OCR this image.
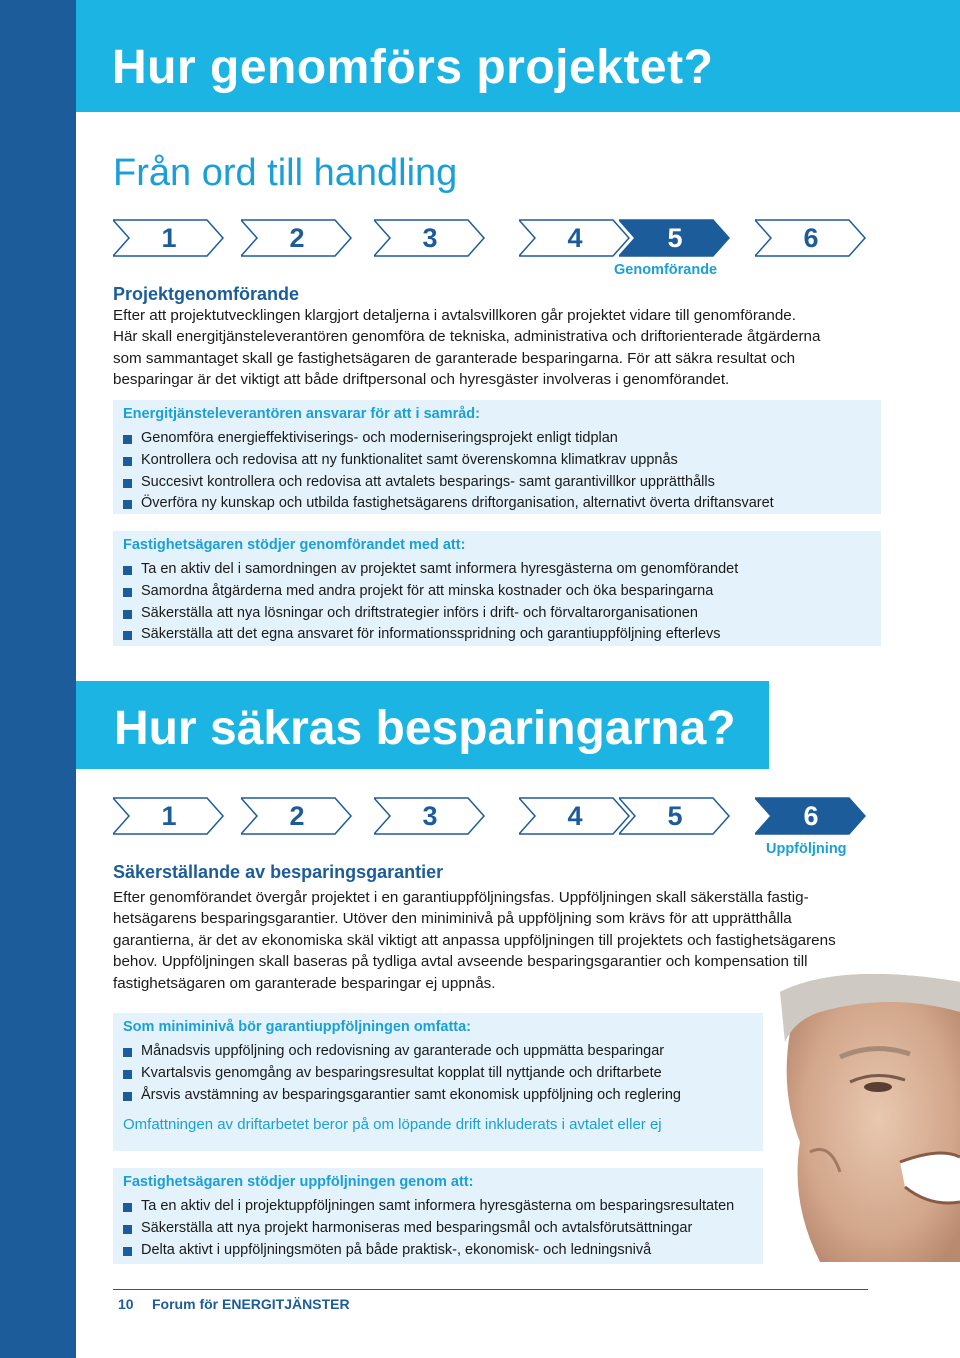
Hur genomförs projektet?
Från ord till handling
1	2	3	4	5	6
Genomförande
Projektgenomförande
Efter att projektutvecklingen klargjort detaljerna i avtalsvillkoren går projektet vidare till genomförande.
Här skall energitjänsteleverantören genomföra de tekniska, administrativa och driftorienterade åtgärderna
som sammantaget skall ge fastighetsägaren de garanterade besparingarna. För att säkra resultat och
besparingar är det viktigt att både driftpersonal och hyresgäster involveras i genomförandet.

Energitjänsteleverantören ansvarar för att i samråd:

Genomföra energieffektiviserings- och moderniseringsprojekt enligt tidplan
Kontrollera och redovisa att ny funktionalitet samt överenskomna klimatkrav uppnås
Succesivt kontrollera och redovisa att avtalets besparings- samt garantivillkor upprätthålls
Överföra ny kunskap och utbilda fastighetsägarens driftorganisation, alternativt överta driftansvaret

Fastighetsägaren stödjer genomförandet med att:

Ta en aktiv del i samordningen av projektet samt informera hyresgästerna om genomförandet
Samordna åtgärderna med andra projekt för att minska kostnader och öka besparingarna
Säkerställa att nya lösningar och driftstrategier införs i drift- och förvaltarorganisationen
Säkerställa att det egna ansvaret för informationsspridning och garantiuppföljning efterlevs
Hur säkras besparingarna?
1	2	3	4	5	6
Uppföljning
Säkerställande av besparingsgarantier
Efter genomförandet övergår projektet i en garantiuppföljningsfas. Uppföljningen skall säkerställa fastig-
hetsägarens besparingsgarantier. Utöver den miniminivå på uppföljning som krävs för att upprätthålla
garantierna, är det av ekonomiska skäl viktigt att anpassa uppföljningen till projektets och fastighetsägarens
behov. Uppföljningen skall baseras på tydliga avtal avseende besparingsgarantier och kompensation till
fastighetsägaren om garanterade besparingar ej uppnås.

Som miniminivå bör garantiuppföljningen omfatta:

Månadsvis uppföljning och redovisning av garanterade och uppmätta besparingar
Kvartalsvis genomgång av besparingsresultat kopplat till nyttjande och driftarbete
Årsvis avstämning av besparingsgarantier samt ekonomisk uppföljning och reglering

Omfattningen av driftarbetet beror på om löpande drift inkluderats i avtalet eller ej

Fastighetsägaren stödjer uppföljningen genom att:

Ta en aktiv del i projektuppföljningen samt informera hyresgästerna om besparingsresultaten
Säkerställa att nya projekt harmoniseras med besparingsmål och avtalsförutsättningar
Delta aktivt i uppföljningsmöten på både praktisk-, ekonomisk- och ledningsnivå
10 Forum för ENERGITJÄNSTER
